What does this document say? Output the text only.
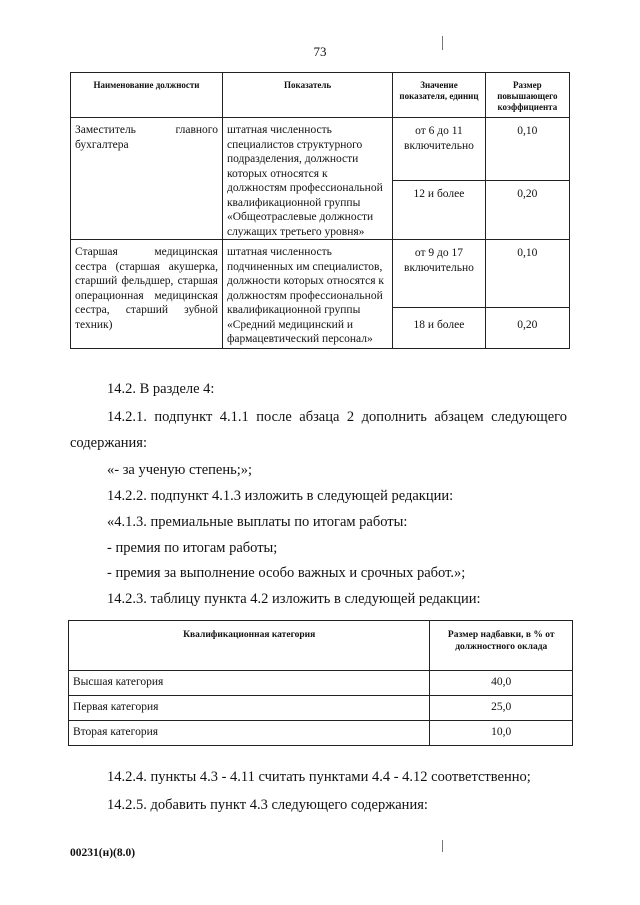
73
Наименование должности	Показатель	Значение показателя, единиц	Размер повышающего коэффициента

Заместитель главного бухгалтера	штатная численность специалистов структурного подразделения, должности которых относятся к должностям профессиональной квалификационной группы «Общеотраслевые должности служащих третьего уровня»	от 6 до 11 включительно	0,10
		12 и более	0,20

Старшая медицинская сестра (старшая акушерка, старший фельдшер, старшая операционная медицинская сестра, старший зубной техник)	штатная численность подчиненных им специалистов, должности которых относятся к должностям профессиональной квалификационной группы «Средний медицинский и фармацевтический персонал»	от 9 до 17 включительно	0,10
		18 и более	0,20
14.2. В разделе 4:
14.2.1. подпункт 4.1.1 после абзаца 2 дополнить абзацем следующего
содержания:
«- за ученую степень;»;
14.2.2. подпункт 4.1.3 изложить в следующей редакции:
«4.1.3. премиальные выплаты по итогам работы:
- премия по итогам работы;
- премия за выполнение особо важных и срочных работ.»;
14.2.3. таблицу пункта 4.2 изложить в следующей редакции:
Квалификационная категория	Размер надбавки, в % от должностного оклада
Высшая категория	40,0
Первая категория	25,0
Вторая категория	10,0
14.2.4. пункты 4.3 - 4.11 считать пунктами 4.4 - 4.12 соответственно;
14.2.5. добавить пункт 4.3 следующего содержания:
00231(н)(8.0)
